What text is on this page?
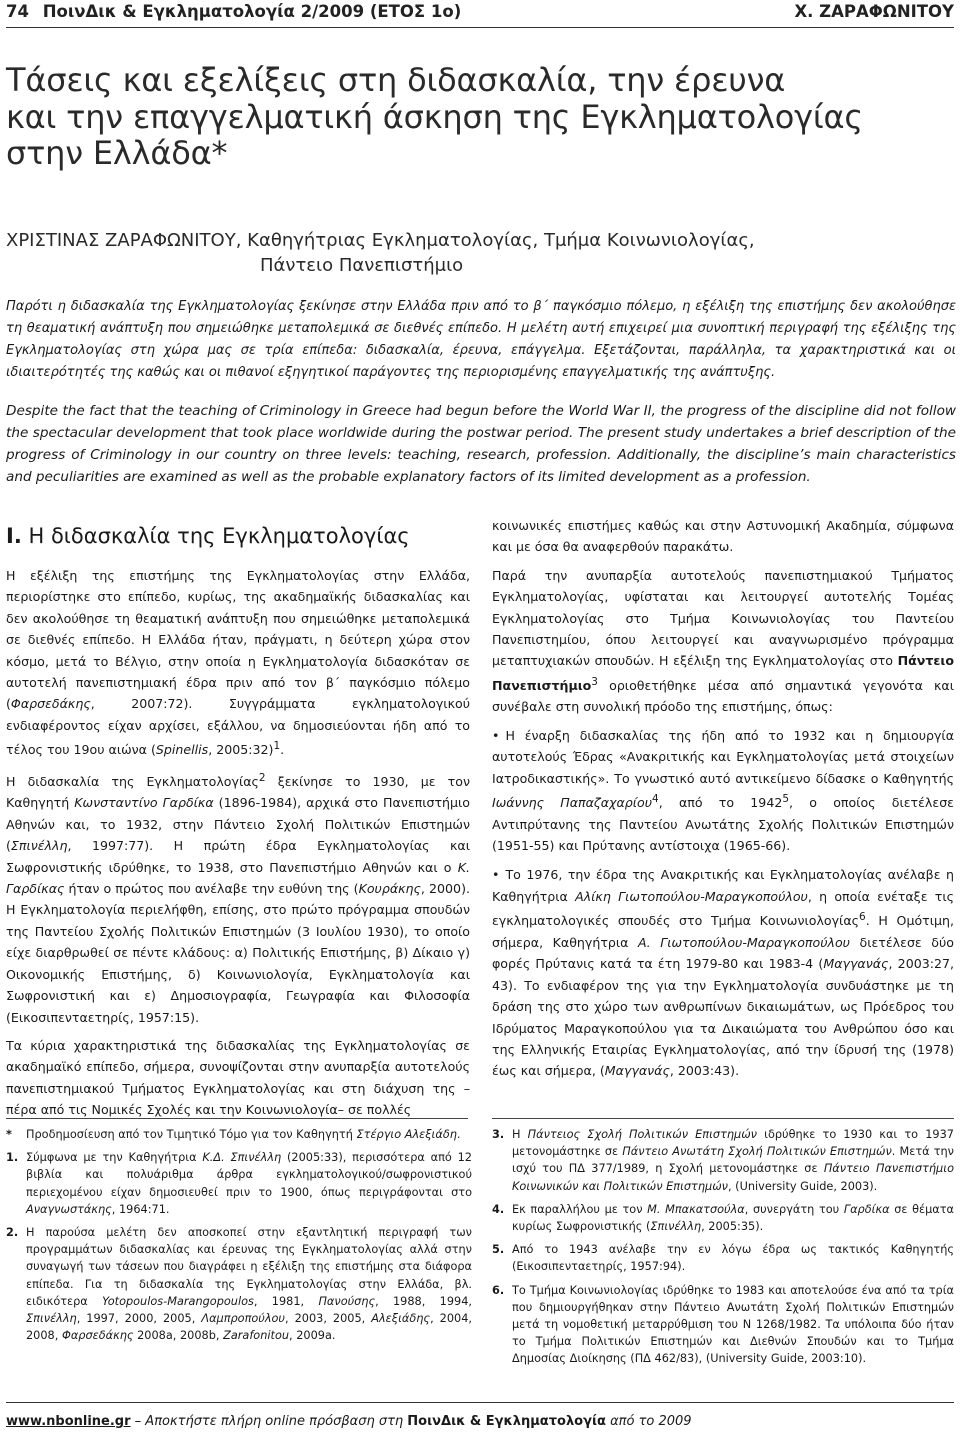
74 ΠοινΔικ & Εγκληματολογία 2/2009 (ΕΤΟΣ 1ο)	Χ. ΖΑΡΑΦΩΝΙΤΟΥ
Τάσεις και εξελίξεις στη διδασκαλία, την έρευνα
και την επαγγελματική άσκηση της Εγκληματολογίας
στην Ελλάδα*
ΧΡΙΣΤΙΝΑΣ ΖΑΡΑΦΩΝΙΤΟΥ, Καθηγήτριας Εγκληματολογίας, Τμήμα Κοινωνιολογίας,
Πάντειο Πανεπιστήμιο
Παρότι η διδασκαλία της Εγκληματολογίας ξεκίνησε στην Ελλάδα πριν από το β΄ παγκόσμιο πόλεμο, η εξέλιξη της επιστήμης δεν ακολούθησε τη θεαματική ανάπτυξη που σημειώθηκε μεταπολεμικά σε διεθνές επίπεδο. Η μελέτη αυτή επιχειρεί μια συνοπτική περιγραφή της εξέλιξης της Εγκληματολογίας στη χώρα μας σε τρία επίπεδα: διδασκαλία, έρευνα, επάγγελμα. Εξετάζονται, παράλληλα, τα χαρακτηριστικά και οι ιδιαιτερότητές της καθώς και οι πιθανοί εξηγητικοί παράγοντες της περιορισμένης επαγγελματικής της ανάπτυξης.
Despite the fact that the teaching of Criminology in Greece had begun before the World War II, the progress of the discipline did not follow the spectacular development that took place worldwide during the postwar period. The present study undertakes a brief description of the progress of Criminology in our country on three levels: teaching, research, profession. Additionally, the discipline’s main characteristics and peculiarities are examined as well as the probable explanatory factors of its limited development as a profession.
I. Η διδασκαλία της Εγκληματολογίας

Η εξέλιξη της επιστήμης της Εγκληματολογίας στην Ελλάδα, περιορίστηκε στο επίπεδο, κυρίως, της ακαδημαϊκής διδασκαλίας και δεν ακολούθησε τη θεαματική ανάπτυξη που σημειώθηκε μεταπολεμικά σε διεθνές επίπεδο. Η Ελλάδα ήταν, πράγματι, η δεύτερη χώρα στον κόσμο, μετά το Βέλγιο, στην οποία η Εγκληματολογία διδασκόταν σε αυτοτελή πανεπιστημιακή έδρα πριν από τον β΄ παγκόσμιο πόλεμο (Φαρσεδάκης, 2007:72). Συγγράμματα εγκληματολογικού ενδιαφέροντος είχαν αρχίσει, εξάλλου, να δημοσιεύονται ήδη από το τέλος του 19ου αιώνα (Spinellis, 2005:32)$^1$.

Η διδασκαλία της Εγκληματολογίας$^2$ ξεκίνησε το 1930, με τον Καθηγητή Κωνσταντίνο Γαρδίκα (1896-1984), αρχικά στο Πανεπιστήμιο Αθηνών και, το 1932, στην Πάντειο Σχολή Πολιτικών Επιστημών (Σπινέλλη, 1997:77). Η πρώτη έδρα Εγκληματολογίας και Σωφρονιστικής ιδρύθηκε, το 1938, στο Πανεπιστήμιο Αθηνών και ο Κ. Γαρδίκας ήταν ο πρώτος που ανέλαβε την ευθύνη της (Κουράκης, 2000). Η Εγκληματολογία περιελήφθη, επίσης, στο πρώτο πρόγραμμα σπουδών της Παντείου Σχολής Πολιτικών Επιστημών (3 Ιουλίου 1930), το οποίο είχε διαρθρωθεί σε πέντε κλάδους: α) Πολιτικής Επιστήμης, β) Δίκαιο γ) Οικονομικής Επιστήμης, δ) Κοινωνιολογία, Εγκληματολογία και Σωφρονιστική και ε) Δημοσιογραφία, Γεωγραφία και Φιλοσοφία (Εικοσιπενταετηρίς, 1957:15).

Τα κύρια χαρακτηριστικά της διδασκαλίας της Εγκληματολογίας σε ακαδημαϊκό επίπεδο, σήμερα, συνοψίζονται στην ανυπαρξία αυτοτελούς πανεπιστημιακού Τμήματος Εγκληματολογίας και στη διάχυση της –πέρα από τις Νομικές Σχολές και την Κοινωνιολογία– σε πολλές

κοινωνικές επιστήμες καθώς και στην Αστυνομική Ακαδημία, σύμφωνα και με όσα θα αναφερθούν παρακάτω.

Παρά την ανυπαρξία αυτοτελούς πανεπιστημιακού Τμήματος Εγκληματολογίας, υφίσταται και λειτουργεί αυτοτελής Τομέας Εγκληματολογίας στο Τμήμα Κοινωνιολογίας του Παντείου Πανεπιστημίου, όπου λειτουργεί και αναγνωρισμένο πρόγραμμα μεταπτυχιακών σπουδών. Η εξέλιξη της Εγκληματολογίας στο Πάντειο Πανεπιστήμιο$^3$ οριοθετήθηκε μέσα από σημαντικά γεγονότα και συνέβαλε στη συνολική πρόοδο της επιστήμης, όπως:

• Η έναρξη διδασκαλίας της ήδη από το 1932 και η δημιουργία αυτοτελούς Έδρας «Ανακριτικής και Εγκληματολογίας μετά στοιχείων Ιατροδικαστικής». Το γνωστικό αυτό αντικείμενο δίδασκε ο Καθηγητής Ιωάννης Παπαζαχαρίου$^4$, από το 1942$^5$, ο οποίος διετέλεσε Αντιπρύτανης της Παντείου Ανωτάτης Σχολής Πολιτικών Επιστημών (1951-55) και Πρύτανης αντίστοιχα (1965-66).
• Το 1976, την έδρα της Ανακριτικής και Εγκληματολογίας ανέλαβε η Καθηγήτρια Αλίκη Γιωτοπούλου-Μαραγκοπούλου, η οποία ενέταξε τις εγκληματολογικές σπουδές στο Τμήμα Κοινωνιολογίας$^6$. Η Ομότιμη, σήμερα, Καθηγήτρια Α. Γιωτοπούλου-Μαραγκοπούλου διετέλεσε δύο φορές Πρύτανις κατά τα έτη 1979-80 και 1983-4 (Μαγγανάς, 2003:27, 43). Το ενδιαφέρον της για την Εγκληματολογία συνδυάστηκε με τη δράση της στο χώρο των ανθρωπίνων δικαιωμάτων, ως Πρόεδρος του Ιδρύματος Μαραγκοπούλου για τα Δικαιώματα του Ανθρώπου όσο και της Ελληνικής Εταιρίας Εγκληματολογίας, από την ίδρυσή της (1978) έως και σήμερα, (Μαγγανάς, 2003:43).
* Προδημοσίευση από τον Τιμητικό Τόμο για τον Καθηγητή Στέργιο Αλεξιάδη.
1. Σύμφωνα με την Καθηγήτρια Κ.Δ. Σπινέλλη (2005:33), περισσότερα από 12 βιβλία και πολυάριθμα άρθρα εγκληματολογικού/σωφρονιστικού περιεχομένου είχαν δημοσιευθεί πριν το 1900, όπως περιγράφονται στο Αναγνωστάκης, 1964:71.
2. Η παρούσα μελέτη δεν αποσκοπεί στην εξαντλητική περιγραφή των προγραμμάτων διδασκαλίας και έρευνας της Εγκληματολογίας αλλά στην συναγωγή των τάσεων που διαγράφει η εξέλιξη της επιστήμης στα διάφορα επίπεδα. Για τη διδασκαλία της Εγκληματολογίας στην Ελλάδα, βλ. ειδικότερα Yotopoulos-Marangopoulos, 1981, Πανούσης, 1988, 1994, Σπινέλλη, 1997, 2000, 2005, Λαμπροπούλου, 2003, 2005, Αλεξιάδης, 2004, 2008, Φαρσεδάκης 2008a, 2008b, Zarafonitou, 2009a.
3. Η Πάντειος Σχολή Πολιτικών Επιστημών ιδρύθηκε το 1930 και το 1937 μετονομάστηκε σε Πάντειο Ανωτάτη Σχολή Πολιτικών Επιστημών. Μετά την ισχύ του ΠΔ 377/1989, η Σχολή μετονομάστηκε σε Πάντειο Πανεπιστήμιο Κοινωνικών και Πολιτικών Επιστημών, (University Guide, 2003).
4. Εκ παραλλήλου με τον Μ. Μπακατσούλα, συνεργάτη του Γαρδίκα σε θέματα κυρίως Σωφρονιστικής (Σπινέλλη, 2005:35).
5. Από το 1943 ανέλαβε την εν λόγω έδρα ως τακτικός Καθηγητής (Εικοσιπενταετηρίς, 1957:94).
6. Το Τμήμα Κοινωνιολογίας ιδρύθηκε το 1983 και αποτελούσε ένα από τα τρία που δημιουργήθηκαν στην Πάντειο Ανωτάτη Σχολή Πολιτικών Επιστημών μετά τη νομοθετική μεταρρύθμιση του Ν 1268/1982. Τα υπόλοιπα δύο ήταν το Τμήμα Πολιτικών Επιστημών και Διεθνών Σπουδών και το Τμήμα Δημοσίας Διοίκησης (ΠΔ 462/83), (University Guide, 2003:10).
www.nbonline.gr – Αποκτήστε πλήρη online πρόσβαση στη ΠοινΔικ & Εγκληματολογία από το 2009
